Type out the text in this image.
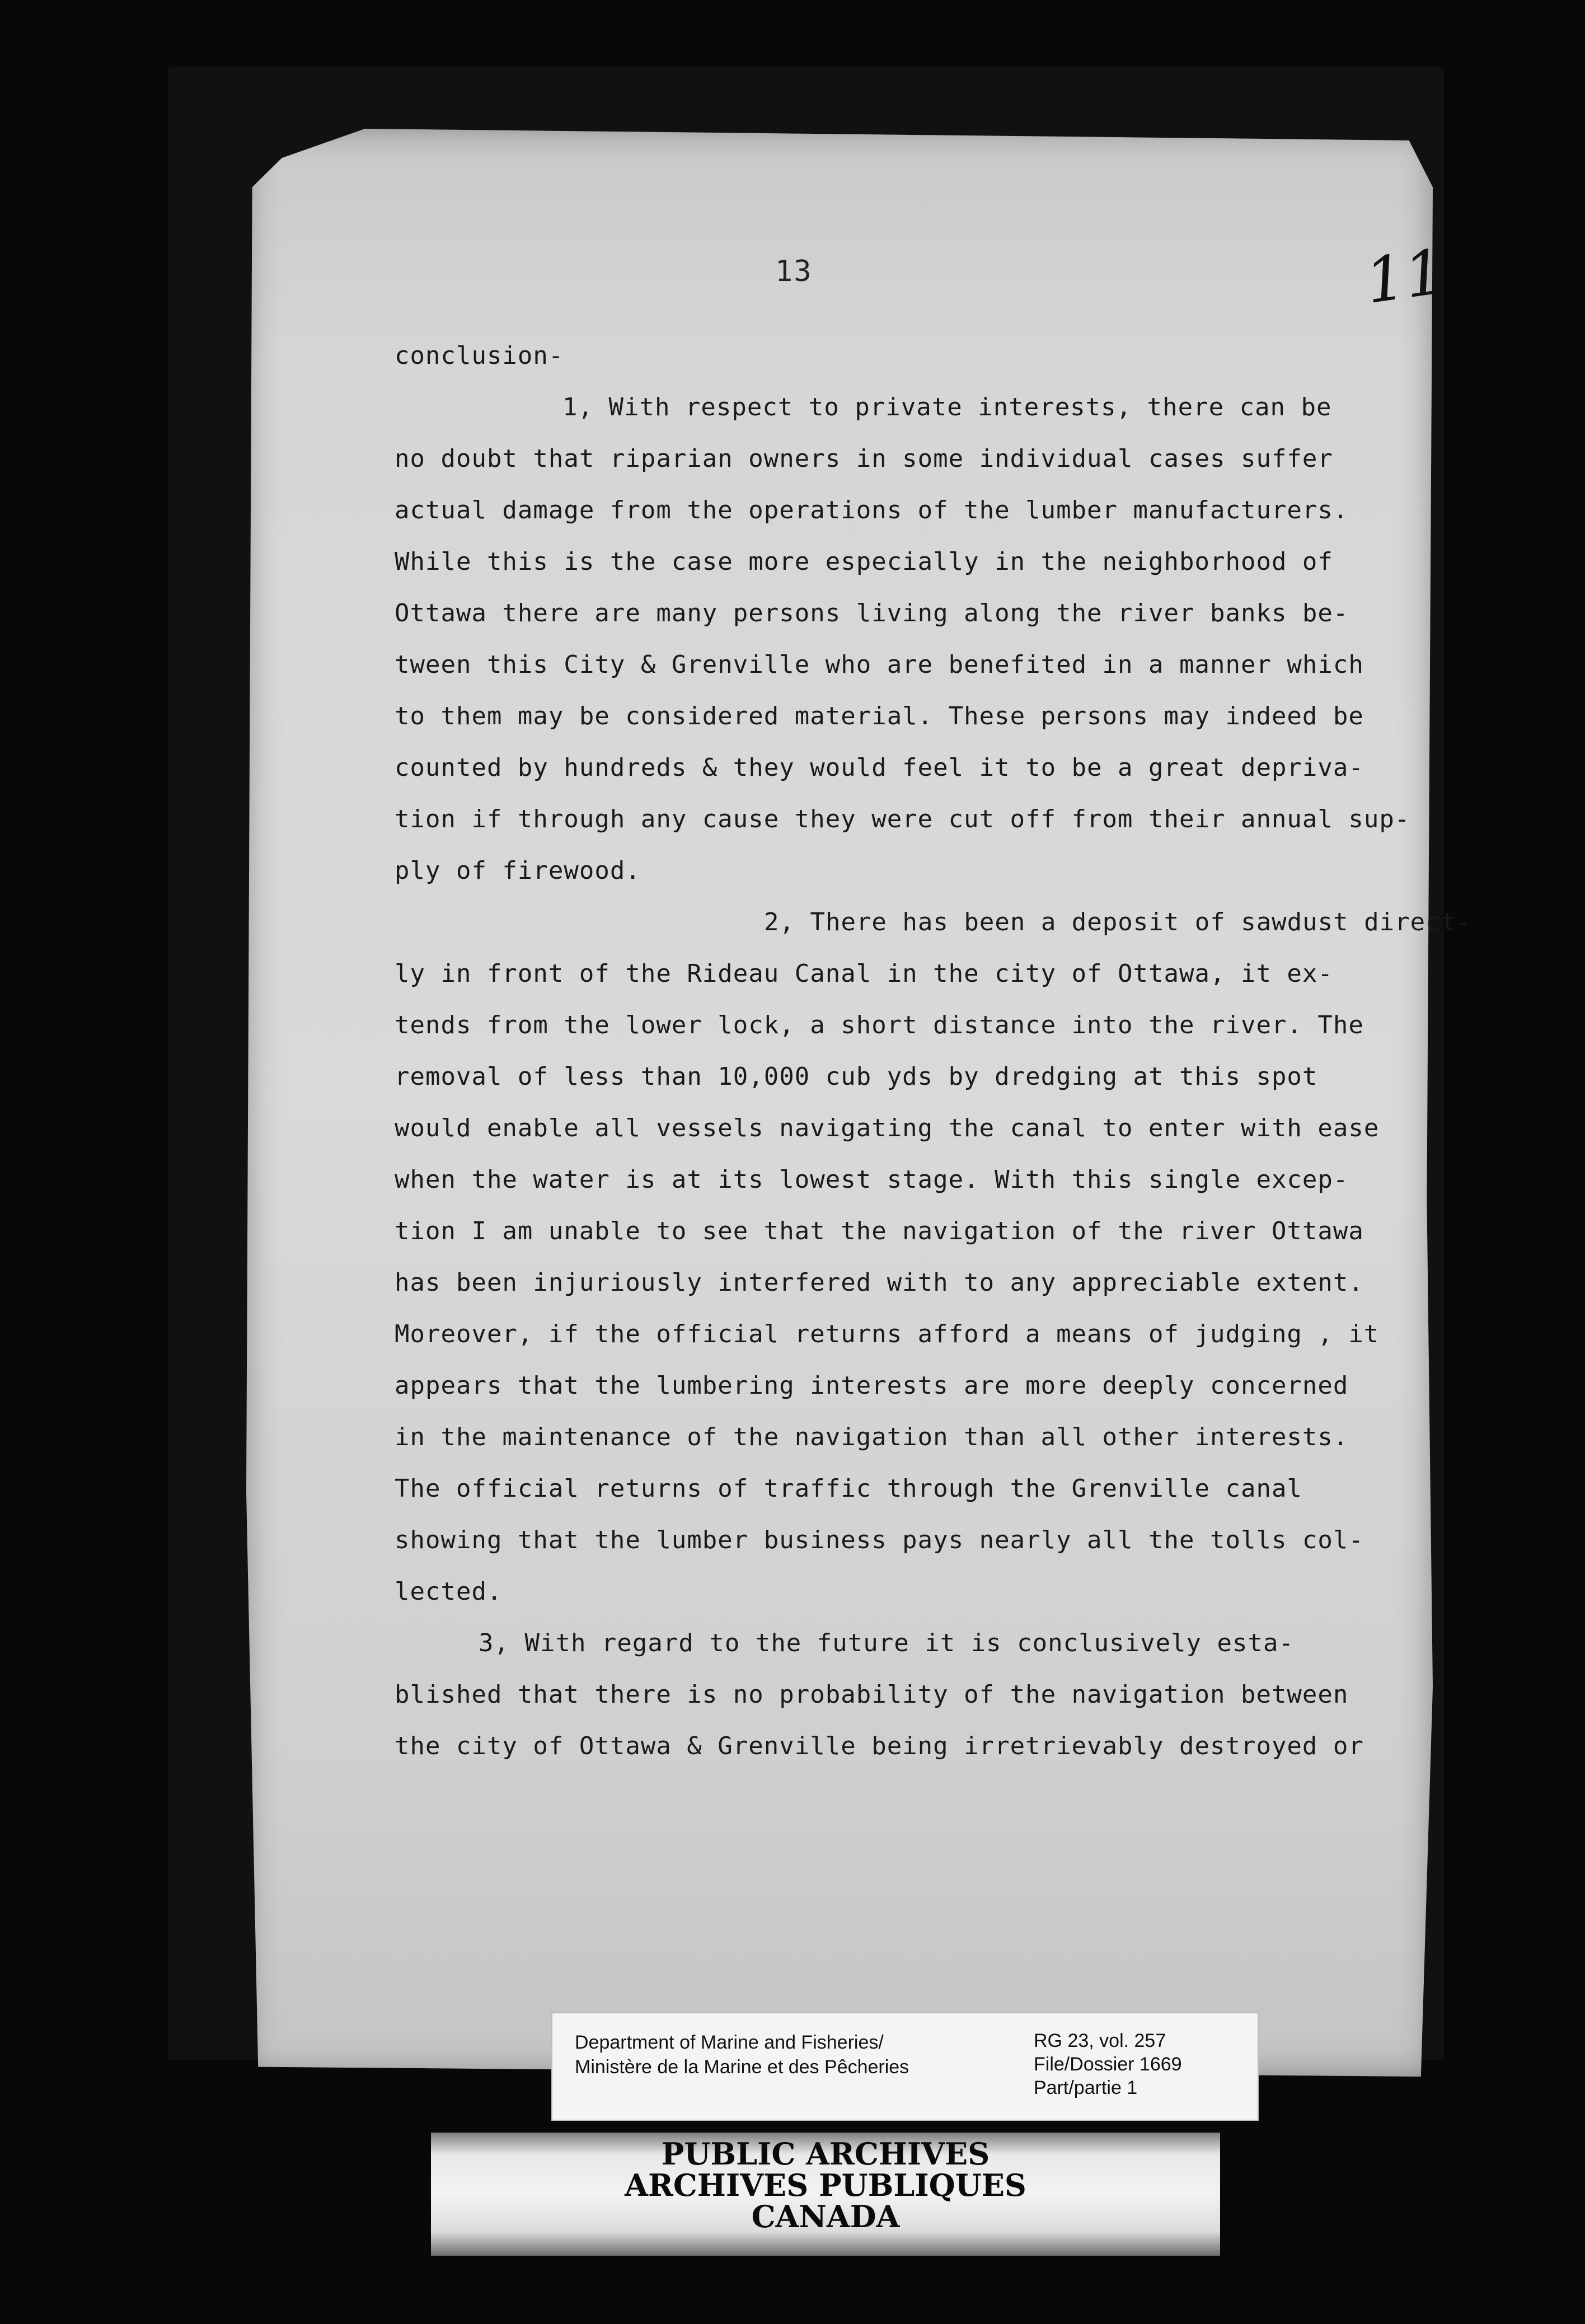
13	11
conclusion-
1, With respect to private interests, there can be
no doubt that riparian owners in some individual cases suffer
actual damage from the operations of the lumber manufacturers.
While this is the case more especially in the neighborhood of
Ottawa there are many persons living along the river banks be-
tween this City & Grenville who are benefited in a manner which
to them may be considered material. These persons may indeed be
counted by hundreds & they would feel it to be a great depriva-
tion if through any cause they were cut off from their annual sup-
ply of firewood.
2, There has been a deposit of sawdust direct-
ly in front of the Rideau Canal in the city of Ottawa, it ex-
tends from the lower lock, a short distance into the river. The
removal of less than 10,000 cub yds by dredging at this spot
would enable all vessels navigating the canal to enter with ease
when the water is at its lowest stage. With this single excep-
tion I am unable to see that the navigation of the river Ottawa
has been injuriously interfered with to any appreciable extent.
Moreover, if the official returns afford a means of judging , it
appears that the lumbering interests are more deeply concerned
in the maintenance of the navigation than all other interests.
The official returns of traffic through the Grenville canal
showing that the lumber business pays nearly all the tolls col-
lected.
3, With regard to the future it is conclusively esta-
blished that there is no probability of the navigation between
the city of Ottawa & Grenville being irretrievably destroyed or
Department of Marine and Fisheries/
Ministère de la Marine et des Pêcheries
RG 23, vol. 257
File/Dossier 1669
Part/partie 1
PUBLIC ARCHIVES
ARCHIVES PUBLIQUES
CANADA
